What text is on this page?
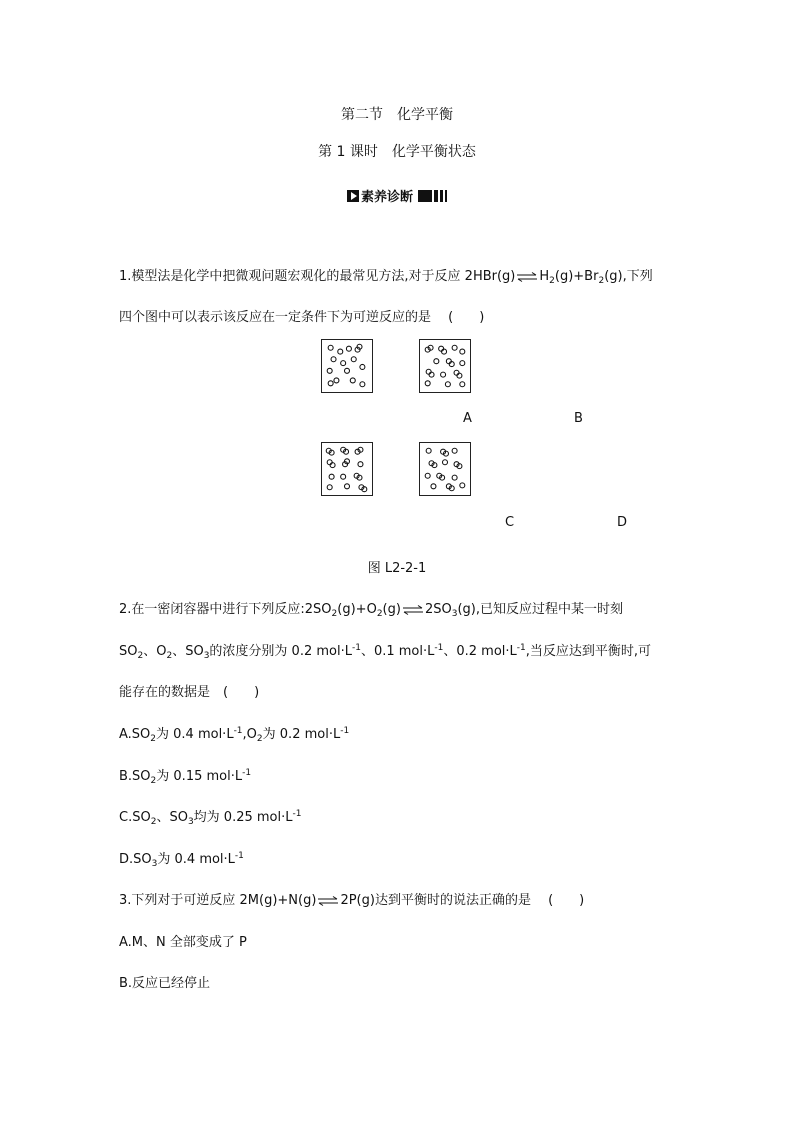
第二节　化学平衡
第 1 课时　化学平衡状态
素养诊断
1.模型法是化学中把微观问题宏观化的最常见方法,对于反应 $2HBr(g)\rightleftharpoons H_2(g)+Br_2(g)$,下列
四个图中可以表示该反应在一定条件下为可逆反应的是　 (　　)
A	B
C	D
图 L2-2-1
2.在一密闭容器中进行下列反应$:2SO_2(g)+O_2(g)\rightleftharpoons 2SO_3(g)$,已知反应过程中某一时刻
$SO_2$、$O_2$、$SO_3$的浓度分别为 0.2 $mol\cdot L^{-1}$、0.1 $mol\cdot L^{-1}$、0.2 $mol\cdot L^{-1}$,当反应达到平衡时,可
能存在的数据是　(　　)
$A.SO_2$为 0.4 $mol\cdot L^{-1},O_2$为 0.2 $mol\cdot L^{-1}$
$B.SO_2$为 0.15 $mol\cdot L^{-1}$
$C.SO_2$、$SO_3$均为 0.25 $mol\cdot L^{-1}$
$D.SO_3$为 0.4 $mol\cdot L^{-1}$
3.下列对于可逆反应 2M(g)+N(g)⇌2P(g)达到平衡时的说法正确的是　 (　　)
A.M、N 全部变成了 P
B.反应已经停止
